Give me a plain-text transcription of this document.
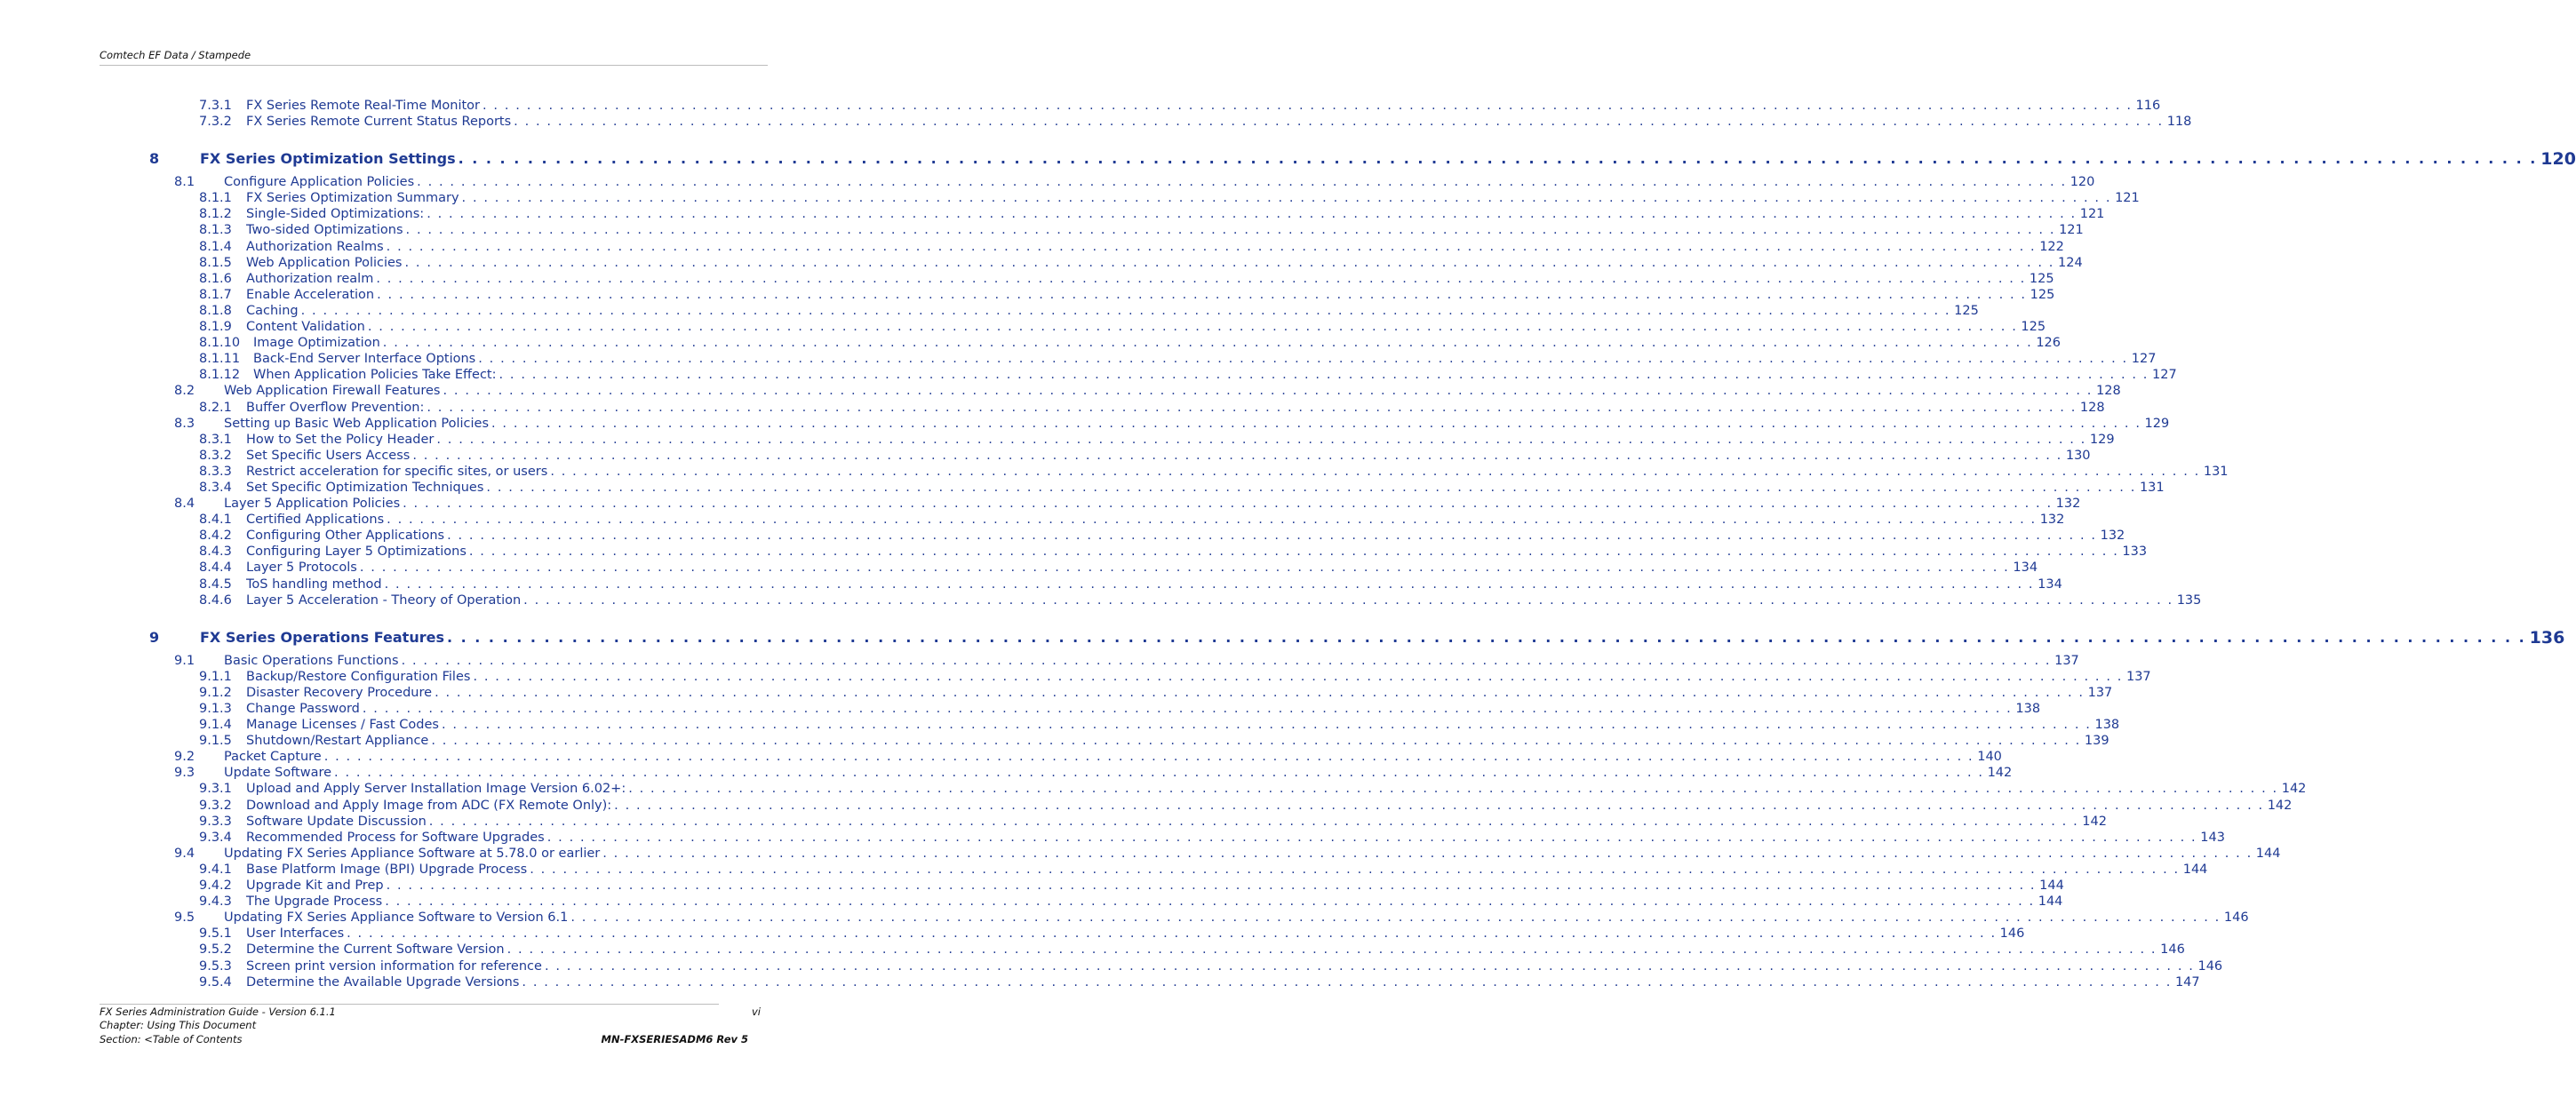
Comtech EF Data / Stampede
7.3.1 FX Series Remote Real-Time Monitor . . . . . . . . . . . . . . . . . . . . . . . . . . . . . . . . . . . . . . . . . . . . . . . . . . . . . . . . . . . . . . . . . . . . . . . . . . . . . . . . . . . . . . . . . . . . . . . . . . . . . . . . . . . . . . . . . . . . . . . . . . . . . . . . . . . . . . . . . . . . . . . . . . . . . . 116
7.3.2 FX Series Remote Current Status Reports . . . . . . . . . . . . . . . . . . . . . . . . . . . . . . . . . . . . . . . . . . . . . . . . . . . . . . . . . . . . . . . . . . . . . . . . . . . . . . . . . . . . . . . . . . . . . . . . . . . . . . . . . . . . . . . . . . . . . . . . . . . . . . . . . . . . . . . . . . . . . . . . . . . . . . 118
8	FX Series Optimization Settings . . . . . . . . . . . . . . . . . . . . . . . . . . . . . . . . . . . . . . . . . . . . . . . . . . . . . . . . . . . . . . . . . . . . . . . . . . . . . . . . . . . . . . . . . . . . . . . . . . . . . . . . . . . . . . . . . . . . . . . . . . . . . . . . . . . . . . . . . . . . . . . . . . . . . . 120
8.1 Configure Application Policies . . . . . . . . . . . . . . . . . . . . . . . . . . . . . . . . . . . . . . . . . . . . . . . . . . . . . . . . . . . . . . . . . . . . . . . . . . . . . . . . . . . . . . . . . . . . . . . . . . . . . . . . . . . . . . . . . . . . . . . . . . . . . . . . . . . . . . . . . . . . . . . . . . . . . . 120
8.1.1 FX Series Optimization Summary . . . . . . . . . . . . . . . . . . . . . . . . . . . . . . . . . . . . . . . . . . . . . . . . . . . . . . . . . . . . . . . . . . . . . . . . . . . . . . . . . . . . . . . . . . . . . . . . . . . . . . . . . . . . . . . . . . . . . . . . . . . . . . . . . . . . . . . . . . . . . . . . . . . . . . 121
8.1.2 Single-Sided Optimizations: . . . . . . . . . . . . . . . . . . . . . . . . . . . . . . . . . . . . . . . . . . . . . . . . . . . . . . . . . . . . . . . . . . . . . . . . . . . . . . . . . . . . . . . . . . . . . . . . . . . . . . . . . . . . . . . . . . . . . . . . . . . . . . . . . . . . . . . . . . . . . . . . . . . . . . 121
8.1.3 Two-sided Optimizations . . . . . . . . . . . . . . . . . . . . . . . . . . . . . . . . . . . . . . . . . . . . . . . . . . . . . . . . . . . . . . . . . . . . . . . . . . . . . . . . . . . . . . . . . . . . . . . . . . . . . . . . . . . . . . . . . . . . . . . . . . . . . . . . . . . . . . . . . . . . . . . . . . . . . . 121
8.1.4 Authorization Realms . . . . . . . . . . . . . . . . . . . . . . . . . . . . . . . . . . . . . . . . . . . . . . . . . . . . . . . . . . . . . . . . . . . . . . . . . . . . . . . . . . . . . . . . . . . . . . . . . . . . . . . . . . . . . . . . . . . . . . . . . . . . . . . . . . . . . . . . . . . . . . . . . . . . . . 122
8.1.5 Web Application Policies . . . . . . . . . . . . . . . . . . . . . . . . . . . . . . . . . . . . . . . . . . . . . . . . . . . . . . . . . . . . . . . . . . . . . . . . . . . . . . . . . . . . . . . . . . . . . . . . . . . . . . . . . . . . . . . . . . . . . . . . . . . . . . . . . . . . . . . . . . . . . . . . . . . . . . 124
8.1.6 Authorization realm . . . . . . . . . . . . . . . . . . . . . . . . . . . . . . . . . . . . . . . . . . . . . . . . . . . . . . . . . . . . . . . . . . . . . . . . . . . . . . . . . . . . . . . . . . . . . . . . . . . . . . . . . . . . . . . . . . . . . . . . . . . . . . . . . . . . . . . . . . . . . . . . . . . . . . 125
8.1.7 Enable Acceleration . . . . . . . . . . . . . . . . . . . . . . . . . . . . . . . . . . . . . . . . . . . . . . . . . . . . . . . . . . . . . . . . . . . . . . . . . . . . . . . . . . . . . . . . . . . . . . . . . . . . . . . . . . . . . . . . . . . . . . . . . . . . . . . . . . . . . . . . . . . . . . . . . . . . . . 125
8.1.8 Caching . . . . . . . . . . . . . . . . . . . . . . . . . . . . . . . . . . . . . . . . . . . . . . . . . . . . . . . . . . . . . . . . . . . . . . . . . . . . . . . . . . . . . . . . . . . . . . . . . . . . . . . . . . . . . . . . . . . . . . . . . . . . . . . . . . . . . . . . . . . . . . . . . . . . . . 125
8.1.9 Content Validation . . . . . . . . . . . . . . . . . . . . . . . . . . . . . . . . . . . . . . . . . . . . . . . . . . . . . . . . . . . . . . . . . . . . . . . . . . . . . . . . . . . . . . . . . . . . . . . . . . . . . . . . . . . . . . . . . . . . . . . . . . . . . . . . . . . . . . . . . . . . . . . . . . . . . . 125
8.1.10 Image Optimization . . . . . . . . . . . . . . . . . . . . . . . . . . . . . . . . . . . . . . . . . . . . . . . . . . . . . . . . . . . . . . . . . . . . . . . . . . . . . . . . . . . . . . . . . . . . . . . . . . . . . . . . . . . . . . . . . . . . . . . . . . . . . . . . . . . . . . . . . . . . . . . . . . . . . . 126
8.1.11 Back-End Server Interface Options . . . . . . . . . . . . . . . . . . . . . . . . . . . . . . . . . . . . . . . . . . . . . . . . . . . . . . . . . . . . . . . . . . . . . . . . . . . . . . . . . . . . . . . . . . . . . . . . . . . . . . . . . . . . . . . . . . . . . . . . . . . . . . . . . . . . . . . . . . . . . . . . . . . . . . 127
8.1.12 When Application Policies Take Effect: . . . . . . . . . . . . . . . . . . . . . . . . . . . . . . . . . . . . . . . . . . . . . . . . . . . . . . . . . . . . . . . . . . . . . . . . . . . . . . . . . . . . . . . . . . . . . . . . . . . . . . . . . . . . . . . . . . . . . . . . . . . . . . . . . . . . . . . . . . . . . . . . . . . . . . 127
8.2 Web Application Firewall Features . . . . . . . . . . . . . . . . . . . . . . . . . . . . . . . . . . . . . . . . . . . . . . . . . . . . . . . . . . . . . . . . . . . . . . . . . . . . . . . . . . . . . . . . . . . . . . . . . . . . . . . . . . . . . . . . . . . . . . . . . . . . . . . . . . . . . . . . . . . . . . . . . . . . . . 128
8.2.1 Buffer Overflow Prevention: . . . . . . . . . . . . . . . . . . . . . . . . . . . . . . . . . . . . . . . . . . . . . . . . . . . . . . . . . . . . . . . . . . . . . . . . . . . . . . . . . . . . . . . . . . . . . . . . . . . . . . . . . . . . . . . . . . . . . . . . . . . . . . . . . . . . . . . . . . . . . . . . . . . . . . 128
8.3 Setting up Basic Web Application Policies . . . . . . . . . . . . . . . . . . . . . . . . . . . . . . . . . . . . . . . . . . . . . . . . . . . . . . . . . . . . . . . . . . . . . . . . . . . . . . . . . . . . . . . . . . . . . . . . . . . . . . . . . . . . . . . . . . . . . . . . . . . . . . . . . . . . . . . . . . . . . . . . . . . . . . 129
8.3.1 How to Set the Policy Header . . . . . . . . . . . . . . . . . . . . . . . . . . . . . . . . . . . . . . . . . . . . . . . . . . . . . . . . . . . . . . . . . . . . . . . . . . . . . . . . . . . . . . . . . . . . . . . . . . . . . . . . . . . . . . . . . . . . . . . . . . . . . . . . . . . . . . . . . . . . . . . . . . . . . . 129
8.3.2 Set Specific Users Access . . . . . . . . . . . . . . . . . . . . . . . . . . . . . . . . . . . . . . . . . . . . . . . . . . . . . . . . . . . . . . . . . . . . . . . . . . . . . . . . . . . . . . . . . . . . . . . . . . . . . . . . . . . . . . . . . . . . . . . . . . . . . . . . . . . . . . . . . . . . . . . . . . . . . . 130
8.3.3 Restrict acceleration for specific sites, or users . . . . . . . . . . . . . . . . . . . . . . . . . . . . . . . . . . . . . . . . . . . . . . . . . . . . . . . . . . . . . . . . . . . . . . . . . . . . . . . . . . . . . . . . . . . . . . . . . . . . . . . . . . . . . . . . . . . . . . . . . . . . . . . . . . . . . . . . . . . . . . . . . . . . . . 131
8.3.4 Set Specific Optimization Techniques . . . . . . . . . . . . . . . . . . . . . . . . . . . . . . . . . . . . . . . . . . . . . . . . . . . . . . . . . . . . . . . . . . . . . . . . . . . . . . . . . . . . . . . . . . . . . . . . . . . . . . . . . . . . . . . . . . . . . . . . . . . . . . . . . . . . . . . . . . . . . . . . . . . . . . 131
8.4 Layer 5 Application Policies . . . . . . . . . . . . . . . . . . . . . . . . . . . . . . . . . . . . . . . . . . . . . . . . . . . . . . . . . . . . . . . . . . . . . . . . . . . . . . . . . . . . . . . . . . . . . . . . . . . . . . . . . . . . . . . . . . . . . . . . . . . . . . . . . . . . . . . . . . . . . . . . . . . . . . 132
8.4.1 Certified Applications . . . . . . . . . . . . . . . . . . . . . . . . . . . . . . . . . . . . . . . . . . . . . . . . . . . . . . . . . . . . . . . . . . . . . . . . . . . . . . . . . . . . . . . . . . . . . . . . . . . . . . . . . . . . . . . . . . . . . . . . . . . . . . . . . . . . . . . . . . . . . . . . . . . . . . 132
8.4.2 Configuring Other Applications . . . . . . . . . . . . . . . . . . . . . . . . . . . . . . . . . . . . . . . . . . . . . . . . . . . . . . . . . . . . . . . . . . . . . . . . . . . . . . . . . . . . . . . . . . . . . . . . . . . . . . . . . . . . . . . . . . . . . . . . . . . . . . . . . . . . . . . . . . . . . . . . . . . . . . 132
8.4.3 Configuring Layer 5 Optimizations . . . . . . . . . . . . . . . . . . . . . . . . . . . . . . . . . . . . . . . . . . . . . . . . . . . . . . . . . . . . . . . . . . . . . . . . . . . . . . . . . . . . . . . . . . . . . . . . . . . . . . . . . . . . . . . . . . . . . . . . . . . . . . . . . . . . . . . . . . . . . . . . . . . . . . 133
8.4.4 Layer 5 Protocols . . . . . . . . . . . . . . . . . . . . . . . . . . . . . . . . . . . . . . . . . . . . . . . . . . . . . . . . . . . . . . . . . . . . . . . . . . . . . . . . . . . . . . . . . . . . . . . . . . . . . . . . . . . . . . . . . . . . . . . . . . . . . . . . . . . . . . . . . . . . . . . . . . . . . . 134
8.4.5 ToS handling method . . . . . . . . . . . . . . . . . . . . . . . . . . . . . . . . . . . . . . . . . . . . . . . . . . . . . . . . . . . . . . . . . . . . . . . . . . . . . . . . . . . . . . . . . . . . . . . . . . . . . . . . . . . . . . . . . . . . . . . . . . . . . . . . . . . . . . . . . . . . . . . . . . . . . . 134
8.4.6 Layer 5 Acceleration - Theory of Operation . . . . . . . . . . . . . . . . . . . . . . . . . . . . . . . . . . . . . . . . . . . . . . . . . . . . . . . . . . . . . . . . . . . . . . . . . . . . . . . . . . . . . . . . . . . . . . . . . . . . . . . . . . . . . . . . . . . . . . . . . . . . . . . . . . . . . . . . . . . . . . . . . . . . . . 135
9	FX Series Operations Features . . . . . . . . . . . . . . . . . . . . . . . . . . . . . . . . . . . . . . . . . . . . . . . . . . . . . . . . . . . . . . . . . . . . . . . . . . . . . . . . . . . . . . . . . . . . . . . . . . . . . . . . . . . . . . . . . . . . . . . . . . . . . . . . . . . . . . . . . . . . . . . . . . . . . . 136
9.1 Basic Operations Functions . . . . . . . . . . . . . . . . . . . . . . . . . . . . . . . . . . . . . . . . . . . . . . . . . . . . . . . . . . . . . . . . . . . . . . . . . . . . . . . . . . . . . . . . . . . . . . . . . . . . . . . . . . . . . . . . . . . . . . . . . . . . . . . . . . . . . . . . . . . . . . . . . . . . . . 137
9.1.1 Backup/Restore Configuration Files . . . . . . . . . . . . . . . . . . . . . . . . . . . . . . . . . . . . . . . . . . . . . . . . . . . . . . . . . . . . . . . . . . . . . . . . . . . . . . . . . . . . . . . . . . . . . . . . . . . . . . . . . . . . . . . . . . . . . . . . . . . . . . . . . . . . . . . . . . . . . . . . . . . . . . 137
9.1.2 Disaster Recovery Procedure . . . . . . . . . . . . . . . . . . . . . . . . . . . . . . . . . . . . . . . . . . . . . . . . . . . . . . . . . . . . . . . . . . . . . . . . . . . . . . . . . . . . . . . . . . . . . . . . . . . . . . . . . . . . . . . . . . . . . . . . . . . . . . . . . . . . . . . . . . . . . . . . . . . . . . 137
9.1.3 Change Password . . . . . . . . . . . . . . . . . . . . . . . . . . . . . . . . . . . . . . . . . . . . . . . . . . . . . . . . . . . . . . . . . . . . . . . . . . . . . . . . . . . . . . . . . . . . . . . . . . . . . . . . . . . . . . . . . . . . . . . . . . . . . . . . . . . . . . . . . . . . . . . . . . . . . . 138
9.1.4 Manage Licenses / Fast Codes . . . . . . . . . . . . . . . . . . . . . . . . . . . . . . . . . . . . . . . . . . . . . . . . . . . . . . . . . . . . . . . . . . . . . . . . . . . . . . . . . . . . . . . . . . . . . . . . . . . . . . . . . . . . . . . . . . . . . . . . . . . . . . . . . . . . . . . . . . . . . . . . . . . . . . 138
9.1.5 Shutdown/Restart Appliance . . . . . . . . . . . . . . . . . . . . . . . . . . . . . . . . . . . . . . . . . . . . . . . . . . . . . . . . . . . . . . . . . . . . . . . . . . . . . . . . . . . . . . . . . . . . . . . . . . . . . . . . . . . . . . . . . . . . . . . . . . . . . . . . . . . . . . . . . . . . . . . . . . . . . . 139
9.2 Packet Capture . . . . . . . . . . . . . . . . . . . . . . . . . . . . . . . . . . . . . . . . . . . . . . . . . . . . . . . . . . . . . . . . . . . . . . . . . . . . . . . . . . . . . . . . . . . . . . . . . . . . . . . . . . . . . . . . . . . . . . . . . . . . . . . . . . . . . . . . . . . . . . . . . . . . . . 140
9.3 Update Software . . . . . . . . . . . . . . . . . . . . . . . . . . . . . . . . . . . . . . . . . . . . . . . . . . . . . . . . . . . . . . . . . . . . . . . . . . . . . . . . . . . . . . . . . . . . . . . . . . . . . . . . . . . . . . . . . . . . . . . . . . . . . . . . . . . . . . . . . . . . . . . . . . . . . . 142
9.3.1 Upload and Apply Server Installation Image Version 6.02+: . . . . . . . . . . . . . . . . . . . . . . . . . . . . . . . . . . . . . . . . . . . . . . . . . . . . . . . . . . . . . . . . . . . . . . . . . . . . . . . . . . . . . . . . . . . . . . . . . . . . . . . . . . . . . . . . . . . . . . . . . . . . . . . . . . . . . . . . . . . . . . . . . . . . . . 142
9.3.2 Download and Apply Image from ADC (FX Remote Only): . . . . . . . . . . . . . . . . . . . . . . . . . . . . . . . . . . . . . . . . . . . . . . . . . . . . . . . . . . . . . . . . . . . . . . . . . . . . . . . . . . . . . . . . . . . . . . . . . . . . . . . . . . . . . . . . . . . . . . . . . . . . . . . . . . . . . . . . . . . . . . . . . . . . . . 142
9.3.3 Software Update Discussion . . . . . . . . . . . . . . . . . . . . . . . . . . . . . . . . . . . . . . . . . . . . . . . . . . . . . . . . . . . . . . . . . . . . . . . . . . . . . . . . . . . . . . . . . . . . . . . . . . . . . . . . . . . . . . . . . . . . . . . . . . . . . . . . . . . . . . . . . . . . . . . . . . . . . . 142
9.3.4 Recommended Process for Software Upgrades . . . . . . . . . . . . . . . . . . . . . . . . . . . . . . . . . . . . . . . . . . . . . . . . . . . . . . . . . . . . . . . . . . . . . . . . . . . . . . . . . . . . . . . . . . . . . . . . . . . . . . . . . . . . . . . . . . . . . . . . . . . . . . . . . . . . . . . . . . . . . . . . . . . . . . 143
9.4 Updating FX Series Appliance Software at 5.78.0 or earlier . . . . . . . . . . . . . . . . . . . . . . . . . . . . . . . . . . . . . . . . . . . . . . . . . . . . . . . . . . . . . . . . . . . . . . . . . . . . . . . . . . . . . . . . . . . . . . . . . . . . . . . . . . . . . . . . . . . . . . . . . . . . . . . . . . . . . . . . . . . . . . . . . . . . . . 144
9.4.1 Base Platform Image (BPI) Upgrade Process . . . . . . . . . . . . . . . . . . . . . . . . . . . . . . . . . . . . . . . . . . . . . . . . . . . . . . . . . . . . . . . . . . . . . . . . . . . . . . . . . . . . . . . . . . . . . . . . . . . . . . . . . . . . . . . . . . . . . . . . . . . . . . . . . . . . . . . . . . . . . . . . . . . . . . 144
9.4.2 Upgrade Kit and Prep . . . . . . . . . . . . . . . . . . . . . . . . . . . . . . . . . . . . . . . . . . . . . . . . . . . . . . . . . . . . . . . . . . . . . . . . . . . . . . . . . . . . . . . . . . . . . . . . . . . . . . . . . . . . . . . . . . . . . . . . . . . . . . . . . . . . . . . . . . . . . . . . . . . . . . 144
9.4.3 The Upgrade Process . . . . . . . . . . . . . . . . . . . . . . . . . . . . . . . . . . . . . . . . . . . . . . . . . . . . . . . . . . . . . . . . . . . . . . . . . . . . . . . . . . . . . . . . . . . . . . . . . . . . . . . . . . . . . . . . . . . . . . . . . . . . . . . . . . . . . . . . . . . . . . . . . . . . . . 144
9.5 Updating FX Series Appliance Software to Version 6.1 . . . . . . . . . . . . . . . . . . . . . . . . . . . . . . . . . . . . . . . . . . . . . . . . . . . . . . . . . . . . . . . . . . . . . . . . . . . . . . . . . . . . . . . . . . . . . . . . . . . . . . . . . . . . . . . . . . . . . . . . . . . . . . . . . . . . . . . . . . . . . . . . . . . . . . 146
9.5.1 User Interfaces . . . . . . . . . . . . . . . . . . . . . . . . . . . . . . . . . . . . . . . . . . . . . . . . . . . . . . . . . . . . . . . . . . . . . . . . . . . . . . . . . . . . . . . . . . . . . . . . . . . . . . . . . . . . . . . . . . . . . . . . . . . . . . . . . . . . . . . . . . . . . . . . . . . . . . 146
9.5.2 Determine the Current Software Version . . . . . . . . . . . . . . . . . . . . . . . . . . . . . . . . . . . . . . . . . . . . . . . . . . . . . . . . . . . . . . . . . . . . . . . . . . . . . . . . . . . . . . . . . . . . . . . . . . . . . . . . . . . . . . . . . . . . . . . . . . . . . . . . . . . . . . . . . . . . . . . . . . . . . . 146
9.5.3 Screen print version information for reference . . . . . . . . . . . . . . . . . . . . . . . . . . . . . . . . . . . . . . . . . . . . . . . . . . . . . . . . . . . . . . . . . . . . . . . . . . . . . . . . . . . . . . . . . . . . . . . . . . . . . . . . . . . . . . . . . . . . . . . . . . . . . . . . . . . . . . . . . . . . . . . . . . . . . . 146
9.5.4 Determine the Available Upgrade Versions . . . . . . . . . . . . . . . . . . . . . . . . . . . . . . . . . . . . . . . . . . . . . . . . . . . . . . . . . . . . . . . . . . . . . . . . . . . . . . . . . . . . . . . . . . . . . . . . . . . . . . . . . . . . . . . . . . . . . . . . . . . . . . . . . . . . . . . . . . . . . . . . . . . . . . 147
FX Series Administration Guide - Version 6.1.1
Chapter: Using This Document
Section: <Table of Contents
vi
MN-FXSERIESADM6 Rev 5
